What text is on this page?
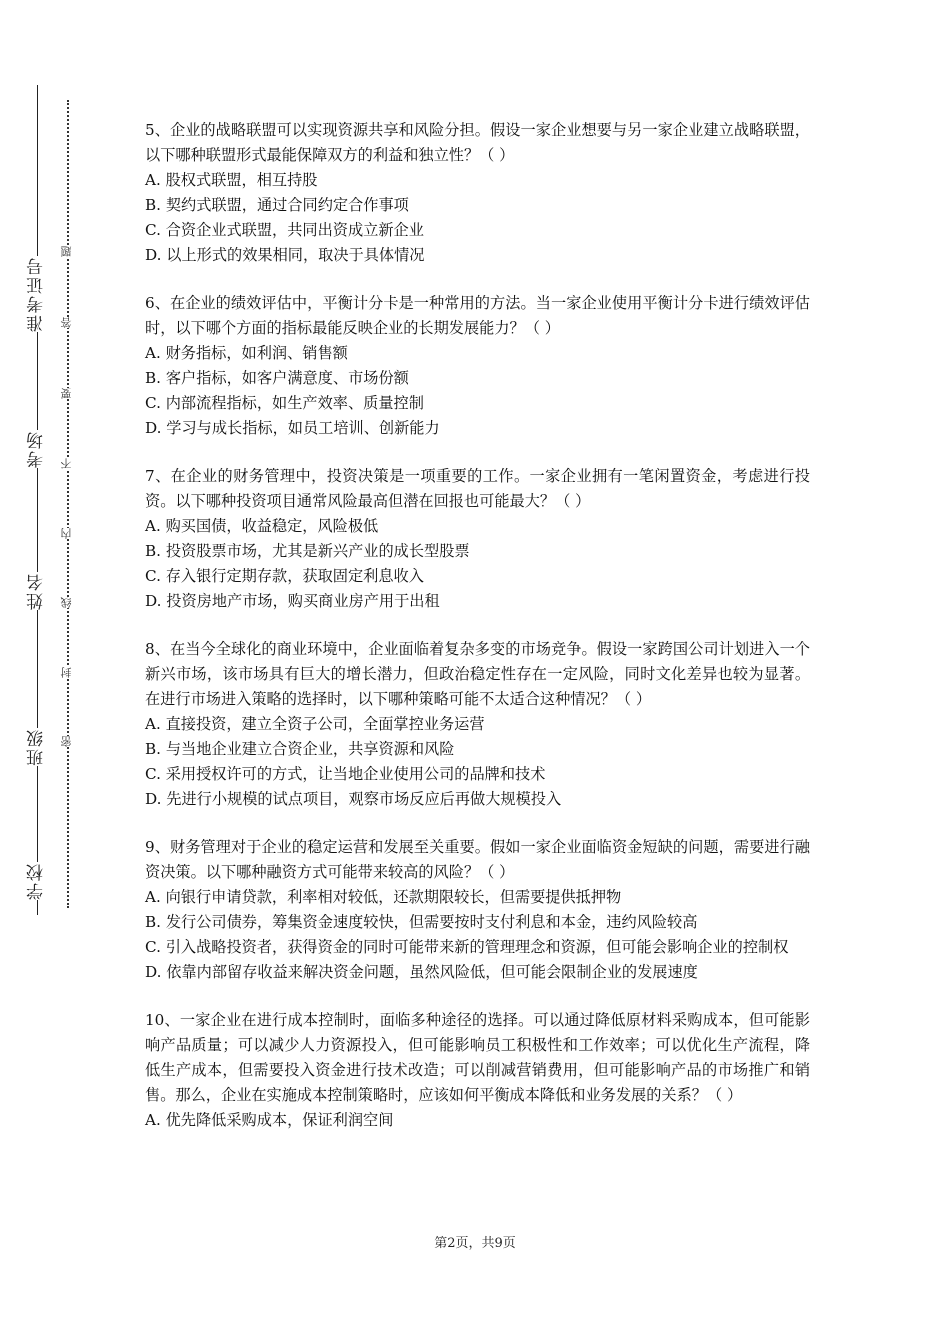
学校
班级
姓名
考场
准考证号
密
封
线
内
不
要
答
题

5、企业的战略联盟可以实现资源共享和风险分担。假设一家企业想要与另一家企业建立战略联盟，以下哪种联盟形式最能保障双方的利益和独立性？（ ）

A. 股权式联盟，相互持股

B. 契约式联盟，通过合同约定合作事项

C. 合资企业式联盟，共同出资成立新企业

D. 以上形式的效果相同，取决于具体情况

6、在企业的绩效评估中，平衡计分卡是一种常用的方法。当一家企业使用平衡计分卡进行绩效评估时，以下哪个方面的指标最能反映企业的长期发展能力？（ ）

A. 财务指标，如利润、销售额

B. 客户指标，如客户满意度、市场份额

C. 内部流程指标，如生产效率、质量控制

D. 学习与成长指标，如员工培训、创新能力

7、在企业的财务管理中，投资决策是一项重要的工作。一家企业拥有一笔闲置资金，考虑进行投资。以下哪种投资项目通常风险最高但潜在回报也可能最大？（ ）

A. 购买国债，收益稳定，风险极低

B. 投资股票市场，尤其是新兴产业的成长型股票

C. 存入银行定期存款，获取固定利息收入

D. 投资房地产市场，购买商业房产用于出租

8、在当今全球化的商业环境中，企业面临着复杂多变的市场竞争。假设一家跨国公司计划进入一个新兴市场，该市场具有巨大的增长潜力，但政治稳定性存在一定风险，同时文化差异也较为显著。在进行市场进入策略的选择时，以下哪种策略可能不太适合这种情况？（ ）

A. 直接投资，建立全资子公司，全面掌控业务运营

B. 与当地企业建立合资企业，共享资源和风险

C. 采用授权许可的方式，让当地企业使用公司的品牌和技术

D. 先进行小规模的试点项目，观察市场反应后再做大规模投入

9、财务管理对于企业的稳定运营和发展至关重要。假如一家企业面临资金短缺的问题，需要进行融资决策。以下哪种融资方式可能带来较高的风险？（ ）

A. 向银行申请贷款，利率相对较低，还款期限较长，但需要提供抵押物

B. 发行公司债券，筹集资金速度较快，但需要按时支付利息和本金，违约风险较高

C. 引入战略投资者，获得资金的同时可能带来新的管理理念和资源，但可能会影响企业的控制权

D. 依靠内部留存收益来解决资金问题，虽然风险低，但可能会限制企业的发展速度

10、一家企业在进行成本控制时，面临多种途径的选择。可以通过降低原材料采购成本，但可能影响产品质量；可以减少人力资源投入，但可能影响员工积极性和工作效率；可以优化生产流程，降低生产成本，但需要投入资金进行技术改造；可以削减营销费用，但可能影响产品的市场推广和销售。那么，企业在实施成本控制策略时，应该如何平衡成本降低和业务发展的关系？（ ）

A. 优先降低采购成本，保证利润空间

第2页，共9页
